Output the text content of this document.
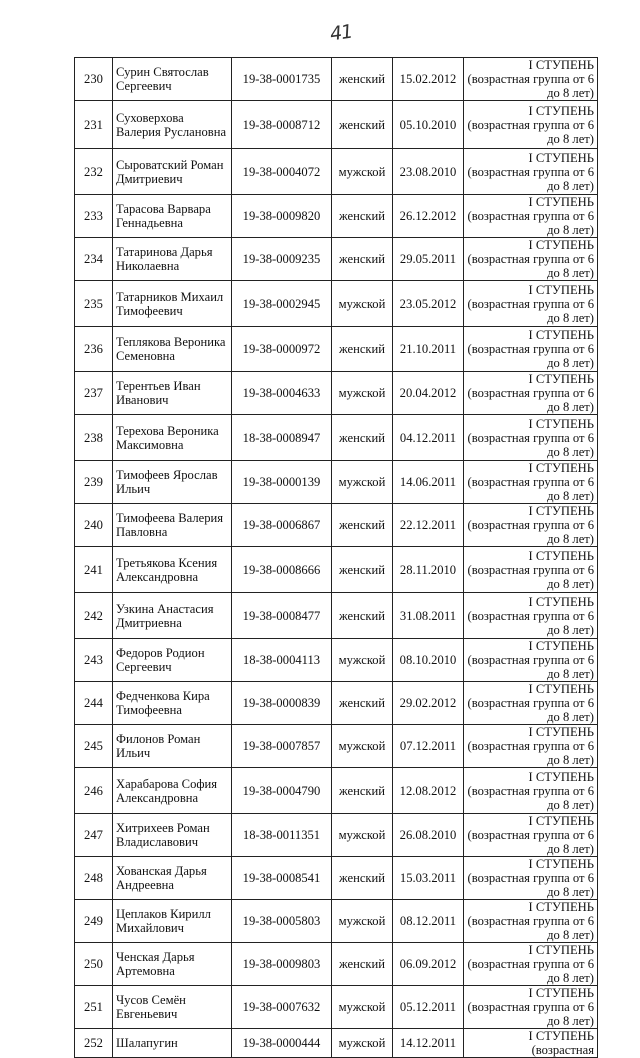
41
230	Сурин Святослав Сергеевич	19-38-0001735	женский	15.02.2012	I СТУПЕНЬ (возрастная группа от 6 до 8 лет)
231	Суховерхова Валерия Руслановна	19-38-0008712	женский	05.10.2010	I СТУПЕНЬ (возрастная группа от 6 до 8 лет)
232	Сыроватский Роман Дмитриевич	19-38-0004072	мужской	23.08.2010	I СТУПЕНЬ (возрастная группа от 6 до 8 лет)
233	Тарасова Варвара Геннадьевна	19-38-0009820	женский	26.12.2012	I СТУПЕНЬ (возрастная группа от 6 до 8 лет)
234	Татаринова Дарья Николаевна	19-38-0009235	женский	29.05.2011	I СТУПЕНЬ (возрастная группа от 6 до 8 лет)
235	Татарников Михаил Тимофеевич	19-38-0002945	мужской	23.05.2012	I СТУПЕНЬ (возрастная группа от 6 до 8 лет)
236	Теплякова Вероника Семеновна	19-38-0000972	женский	21.10.2011	I СТУПЕНЬ (возрастная группа от 6 до 8 лет)
237	Терентьев Иван Иванович	19-38-0004633	мужской	20.04.2012	I СТУПЕНЬ (возрастная группа от 6 до 8 лет)
238	Терехова Вероника Максимовна	18-38-0008947	женский	04.12.2011	I СТУПЕНЬ (возрастная группа от 6 до 8 лет)
239	Тимофеев Ярослав Ильич	19-38-0000139	мужской	14.06.2011	I СТУПЕНЬ (возрастная группа от 6 до 8 лет)
240	Тимофеева Валерия Павловна	19-38-0006867	женский	22.12.2011	I СТУПЕНЬ (возрастная группа от 6 до 8 лет)
241	Третьякова Ксения Александровна	19-38-0008666	женский	28.11.2010	I СТУПЕНЬ (возрастная группа от 6 до 8 лет)
242	Узкина Анастасия Дмитриевна	19-38-0008477	женский	31.08.2011	I СТУПЕНЬ (возрастная группа от 6 до 8 лет)
243	Федоров Родион Сергеевич	18-38-0004113	мужской	08.10.2010	I СТУПЕНЬ (возрастная группа от 6 до 8 лет)
244	Федченкова Кира Тимофеевна	19-38-0000839	женский	29.02.2012	I СТУПЕНЬ (возрастная группа от 6 до 8 лет)
245	Филонов Роман Ильич	19-38-0007857	мужской	07.12.2011	I СТУПЕНЬ (возрастная группа от 6 до 8 лет)
246	Харабарова София Александровна	19-38-0004790	женский	12.08.2012	I СТУПЕНЬ (возрастная группа от 6 до 8 лет)
247	Хитрихеев Роман Владиславович	18-38-0011351	мужской	26.08.2010	I СТУПЕНЬ (возрастная группа от 6 до 8 лет)
248	Хованская Дарья Андреевна	19-38-0008541	женский	15.03.2011	I СТУПЕНЬ (возрастная группа от 6 до 8 лет)
249	Цеплаков Кирилл Михайлович	19-38-0005803	мужской	08.12.2011	I СТУПЕНЬ (возрастная группа от 6 до 8 лет)
250	Ченская Дарья Артемовна	19-38-0009803	женский	06.09.2012	I СТУПЕНЬ (возрастная группа от 6 до 8 лет)
251	Чусов Семён Евгеньевич	19-38-0007632	мужской	05.12.2011	I СТУПЕНЬ (возрастная группа от 6 до 8 лет)
252	Шалапугин	19-38-0000444	мужской	14.12.2011	I СТУПЕНЬ (возрастная
